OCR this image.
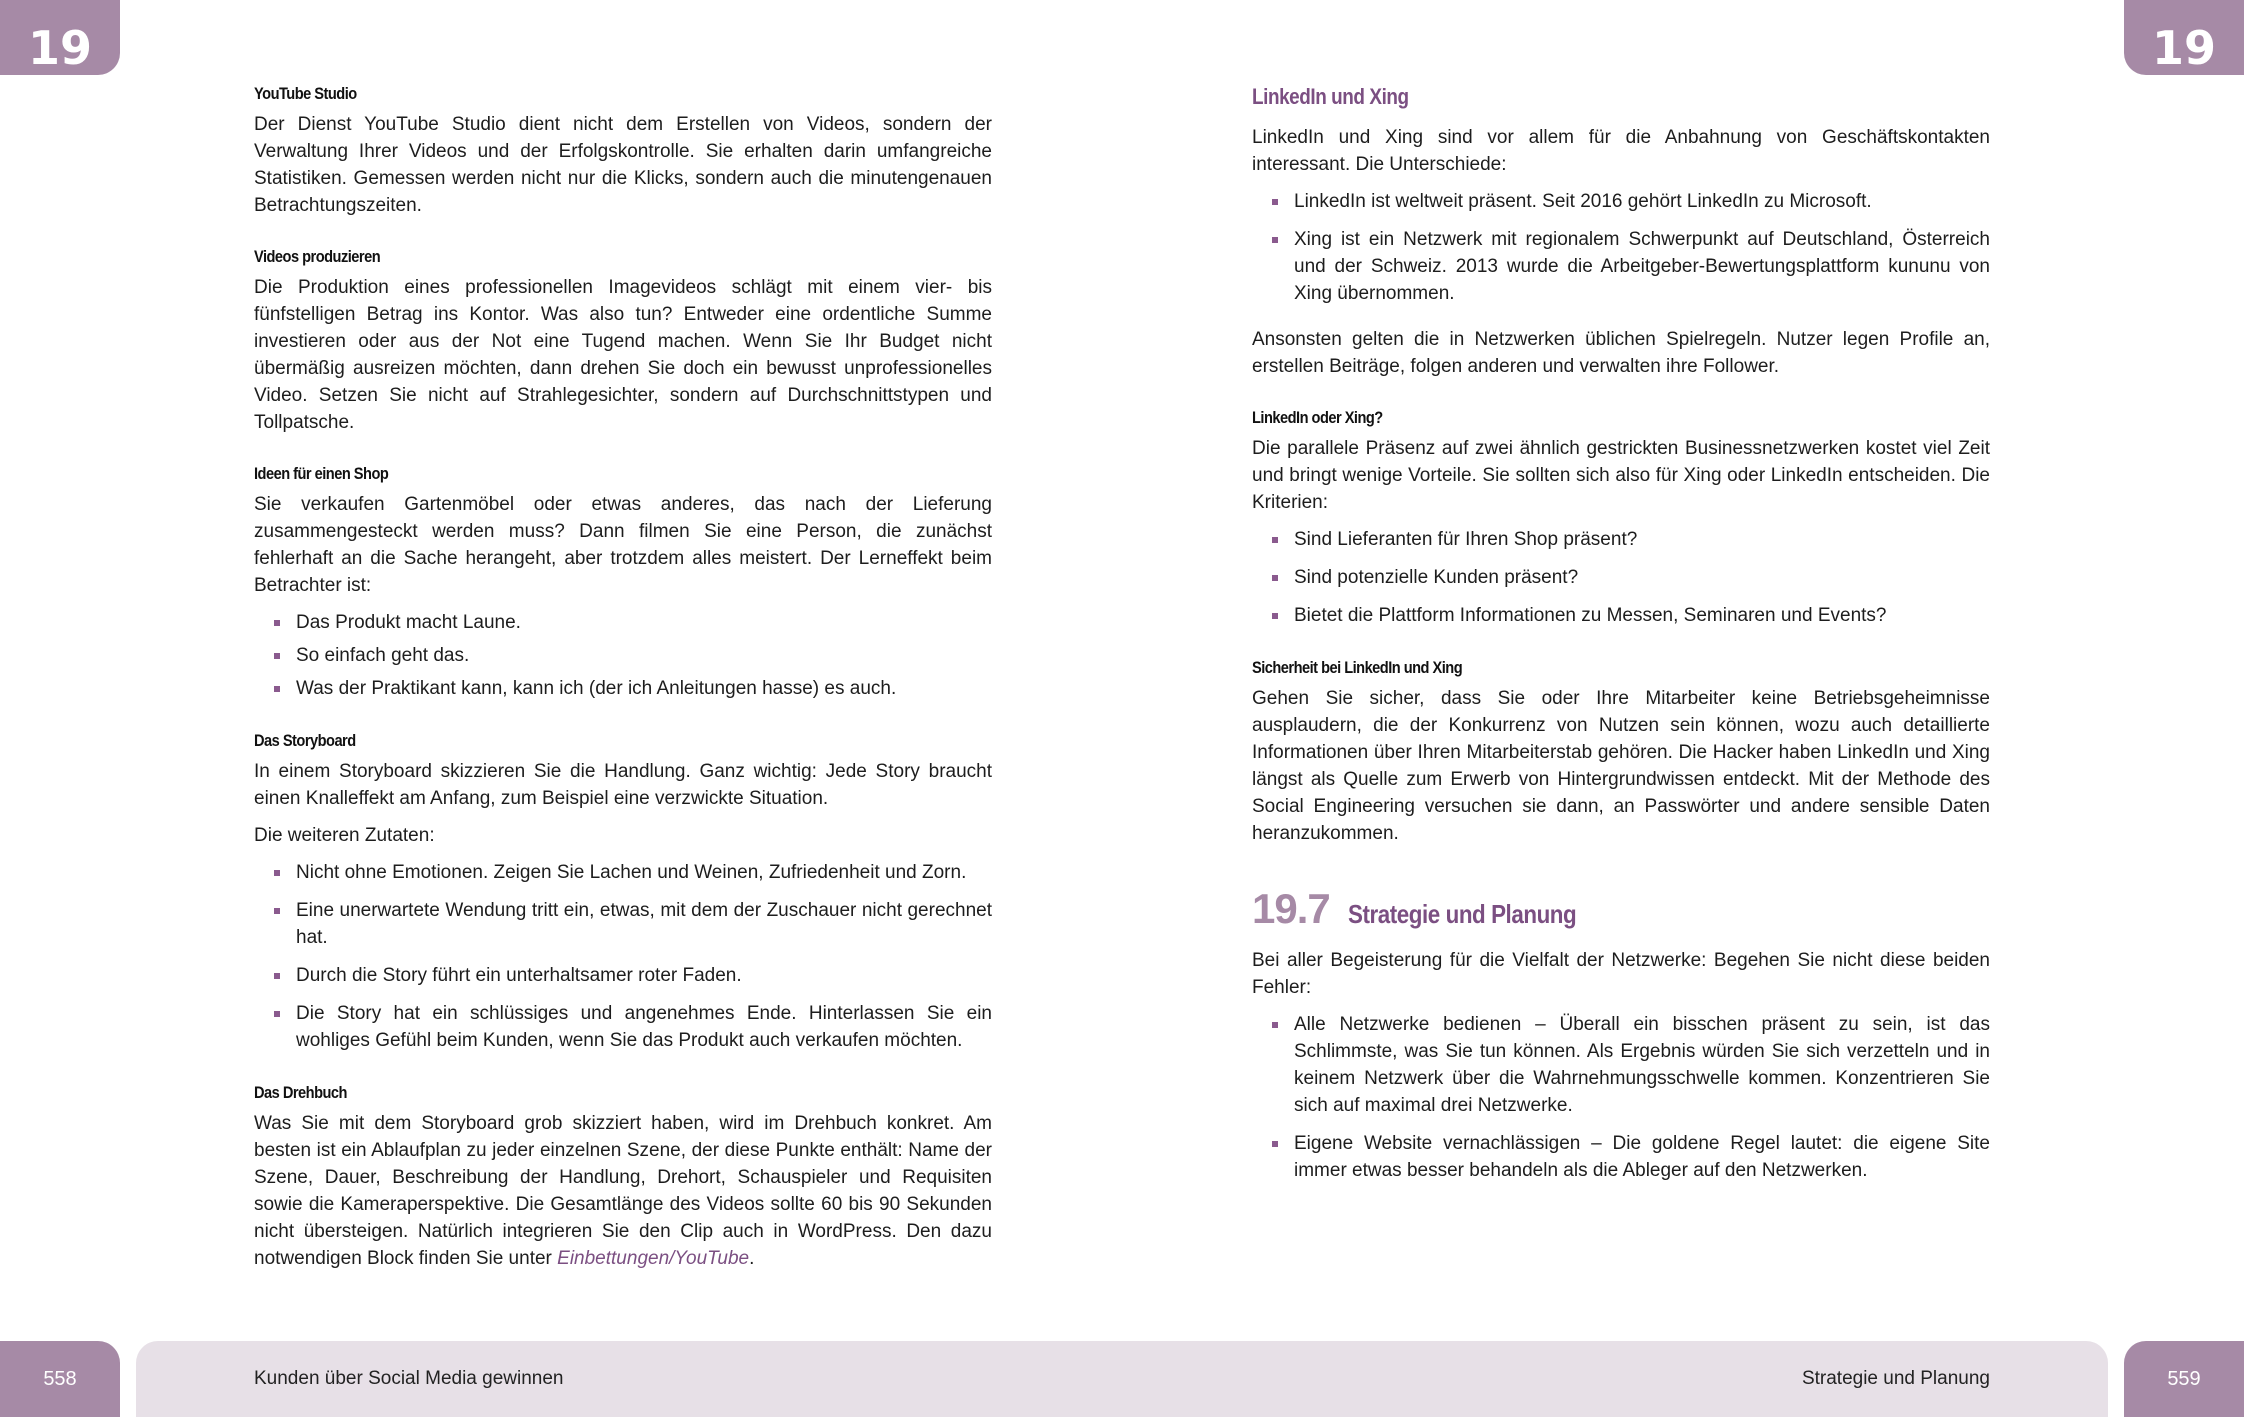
19	19
YouTube Studio

Der Dienst YouTube Studio dient nicht dem Erstellen von Videos, sondern der Verwaltung Ihrer Videos und der Erfolgskontrolle. Sie erhalten darin umfangreiche Statistiken. Gemessen werden nicht nur die Klicks, sondern auch die minutengenauen Betrachtungszeiten.

Videos produzieren

Die Produktion eines professionellen Imagevideos schlägt mit einem vier- bis fünfstelligen Betrag ins Kontor. Was also tun? Entweder eine ordentliche Summe investieren oder aus der Not eine Tugend machen. Wenn Sie Ihr Budget nicht übermäßig ausreizen möchten, dann drehen Sie doch ein bewusst unprofessionelles Video. Setzen Sie nicht auf Strahlegesichter, sondern auf Durchschnittstypen und Tollpatsche.

Ideen für einen Shop

Sie verkaufen Gartenmöbel oder etwas anderes, das nach der Lieferung zusammengesteckt werden muss? Dann filmen Sie eine Person, die zunächst fehlerhaft an die Sache herangeht, aber trotzdem alles meistert. Der Lerneffekt beim Betrachter ist:

Das Produkt macht Laune.
So einfach geht das.
Was der Praktikant kann, kann ich (der ich Anleitungen hasse) es auch.
Das Storyboard

In einem Storyboard skizzieren Sie die Handlung. Ganz wichtig: Jede Story braucht einen Knalleffekt am Anfang, zum Beispiel eine verzwickte Situation.

Die weiteren Zutaten:

Nicht ohne Emotionen. Zeigen Sie Lachen und Weinen, Zufriedenheit und Zorn.
Eine unerwartete Wendung tritt ein, etwas, mit dem der Zuschauer nicht gerechnet hat.
Durch die Story führt ein unterhaltsamer roter Faden.
Die Story hat ein schlüssiges und angenehmes Ende. Hinterlassen Sie ein wohliges Gefühl beim Kunden, wenn Sie das Produkt auch verkaufen möchten.
Das Drehbuch

Was Sie mit dem Storyboard grob skizziert haben, wird im Drehbuch konkret. Am besten ist ein Ablaufplan zu jeder einzelnen Szene, der diese Punkte enthält: Name der Szene, Dauer, Beschreibung der Handlung, Drehort, Schauspieler und Requisiten sowie die Kameraperspektive. Die Gesamtlänge des Videos sollte 60 bis 90 Sekunden nicht übersteigen. Natürlich integrieren Sie den Clip auch in WordPress. Den dazu notwendigen Block finden Sie unter Einbettungen/YouTube.

LinkedIn und Xing

LinkedIn und Xing sind vor allem für die Anbahnung von Geschäftskontakten interessant. Die Unterschiede:

LinkedIn ist weltweit präsent. Seit 2016 gehört LinkedIn zu Microsoft.
Xing ist ein Netzwerk mit regionalem Schwerpunkt auf Deutschland, Österreich und der Schweiz. 2013 wurde die Arbeitgeber-Bewertungsplattform kununu von Xing übernommen.

Ansonsten gelten die in Netzwerken üblichen Spielregeln. Nutzer legen Profile an, erstellen Beiträge, folgen anderen und verwalten ihre Follower.

LinkedIn oder Xing?

Die parallele Präsenz auf zwei ähnlich gestrickten Businessnetzwerken kostet viel Zeit und bringt wenige Vorteile. Sie sollten sich also für Xing oder LinkedIn entscheiden. Die Kriterien:

Sind Lieferanten für Ihren Shop präsent?
Sind potenzielle Kunden präsent?
Bietet die Plattform Informationen zu Messen, Seminaren und Events?
Sicherheit bei LinkedIn und Xing

Gehen Sie sicher, dass Sie oder Ihre Mitarbeiter keine Betriebsgeheimnisse ausplaudern, die der Konkurrenz von Nutzen sein können, wozu auch detaillierte Informationen über Ihren Mitarbeiterstab gehören. Die Hacker haben LinkedIn und Xing längst als Quelle zum Erwerb von Hintergrundwissen entdeckt. Mit der Methode des Social Engineering versuchen sie dann, an Passwörter und andere sensible Daten heranzukommen.

19.7 Strategie und Planung

Bei aller Begeisterung für die Vielfalt der Netzwerke: Begehen Sie nicht diese beiden Fehler:

Alle Netzwerke bedienen – Überall ein bisschen präsent zu sein, ist das Schlimmste, was Sie tun können. Als Ergebnis würden Sie sich verzetteln und in keinem Netzwerk über die Wahrnehmungsschwelle kommen. Konzentrieren Sie sich auf maximal drei Netzwerke.
Eigene Website vernachlässigen – Die goldene Regel lautet: die eigene Site immer etwas besser behandeln als die Ableger auf den Netzwerken.
558	559
Kunden über Social Media gewinnen	Strategie und Planung
